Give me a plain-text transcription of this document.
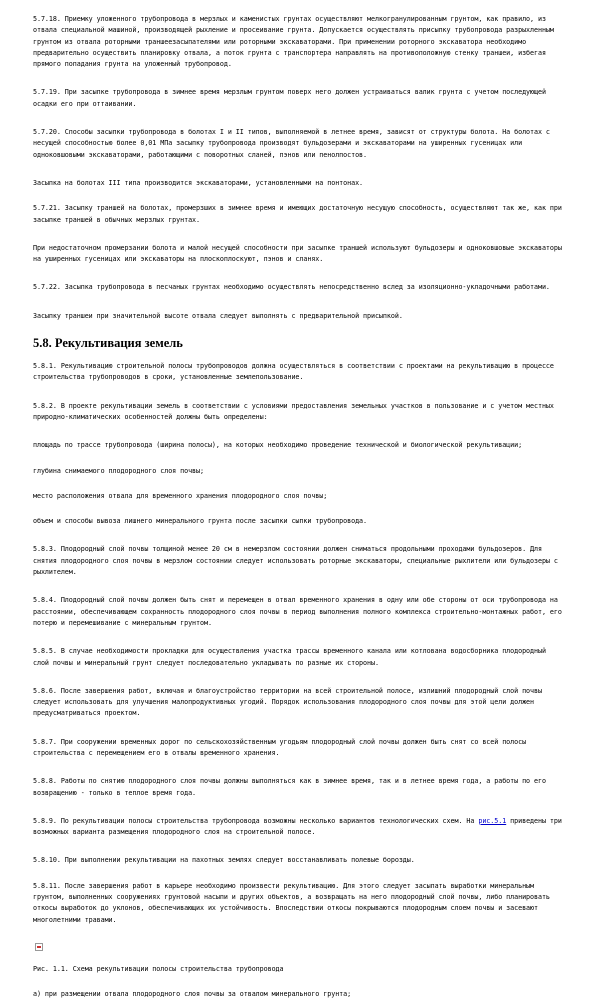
5.7.18. Приемку уложенного трубопровода в мерзлых и каменистых грунтах осуществляют мелкогранулированным грунтом, как правило, из отвала специальной машиной, производящей рыхление и просеивание грунта. Допускается осуществлять присыпку трубопровода разрыхленным грунтом из отвала роторными траншеезасыпателями или роторными экскаваторами. При применении роторного экскаватора необходимо предварительно осуществить планировку отвала, а поток грунта с транспортера направлять на противоположную стенку траншеи, избегая прямого попадания грунта на уложенный трубопровод.

5.7.19. При засыпке трубопровода в зимнее время мерзлым грунтом поверх него должен устраиваться валик грунта с учетом последующей осадки его при оттаивании.

5.7.20. Способы засыпки трубопровода в болотах I и II типов, выполняемой в летнее время, зависят от структуры болота. На болотах с несущей способностью более 0,01 МПа засыпку трубопровода производят бульдозерами и экскаваторами на уширенных гусеницах или одноковшовыми экскаваторами, работающими с поворотных сланей, пэнов или пенолпостов.

Засыпка на болотах III типа производится экскаваторами, установленными на понтонах.

5.7.21. Засыпку траншей на болотах, промерзших в зимнее время и имеющих достаточную несущую способность, осуществляют так же, как при засыпке траншей в обычных мерзлых грунтах.

При недостаточном промерзании болота и малой несущей способности при засыпке траншей используют бульдозеры и одноковшовые экскаваторы на уширенных гусеницах или экскаваторы на плоскоплоскуют, пэнов и сланях.

5.7.22. Засыпка трубопровода в песчаных грунтах необходимо осуществлять непосредственно вслед за изоляционно-укладочными работами.

Засыпку траншеи при значительной высоте отвала следует выполнять с предварительной присыпкой.

5.8. Рекультивация земель

5.8.1. Рекультивацию строительной полосы трубопроводов должна осуществляться в соответствии с проектами на рекультивацию в процессе строительства трубопроводов в сроки, установленные землепользование.

5.8.2. В проекте рекультивации земель в соответствии с условиями предоставления земельных участков в пользование и с учетом местных природно-климатических особенностей должны быть определены:

площадь по трассе трубопровода (ширина полосы), на которых необходимо проведение технической и биологической рекультивации;

глубина снимаемого плодородного слоя почвы;

место расположения отвала для временного хранения плодородного слоя почвы;

объем и способы вывоза лишнего минерального грунта после засыпки сыпки трубопровода.

5.8.3. Плодородный слой почвы толщиной менее 20 см в немерзлом состоянии должен сниматься продольными проходами бульдозеров. Для снятия плодородного слоя почвы в мерзлом состоянии следует использовать роторные экскаваторы, специальные рыхлители или бульдозеры с рыхлителем.

5.8.4. Плодородный слой почвы должен быть снят и перемещен в отвал временного хранения в одну или обе стороны от оси трубопровода на расстоянии, обеспечивающем сохранность плодородного слоя почвы в период выполнения полного комплекса строительно-монтажных работ, его потерю и перемешивание с минеральным грунтом.

5.8.5. В случае необходимости прокладки для осуществления участка трассы временного канала или котлована водосборника плодородный слой почвы и минеральный грунт следует последовательно укладывать по разные их стороны.

5.8.6. После завершения работ, включая и благоустройство территории на всей строительной полосе, излишний плодородный слой почвы следует использовать для улучшения малопродуктивных угодий. Порядок использования плодородного слоя почвы для этой цели должен предусматриваться проектом.

5.8.7. При сооружении временных дорог по сельскохозяйственным угодьям плодородный слой почвы должен быть снят со всей полосы строительства с перемещением его в отвалы временного хранения.

5.8.8. Работы по снятию плодородного слоя почвы должны выполняться как в зимнее время, так и в летнее время года, а работы по его возвращению - только в теплое время года.

5.8.9. По рекультивации полосы строительства трубопровода возможны несколько вариантов технологических схем. На рис.5.1 приведены три возможных варианта размещения плодородного слоя на строительной полосе.

5.8.10. При выполнении рекультивации на пахотных землях следует восстанавливать полевые борозды.

5.8.11. После завершения работ в карьере необходимо произвести рекультивацию. Для этого следует засыпать выработки минеральным грунтом, выполненных сооружениях грунтовой насыпи и других объектов, а возвращать на него плодородный слой почвы, либо планировать откосы выработок до уклонов, обеспечивающих их устойчивость. Впоследствии откосы покрываются плодородным слоем почвы и засевают многолетними травами.

Рис. 1.1. Схема рекультивации полосы строительства трубопровода

а) при размещении отвала плодородного слоя почвы за отвалом минерального грунта;
